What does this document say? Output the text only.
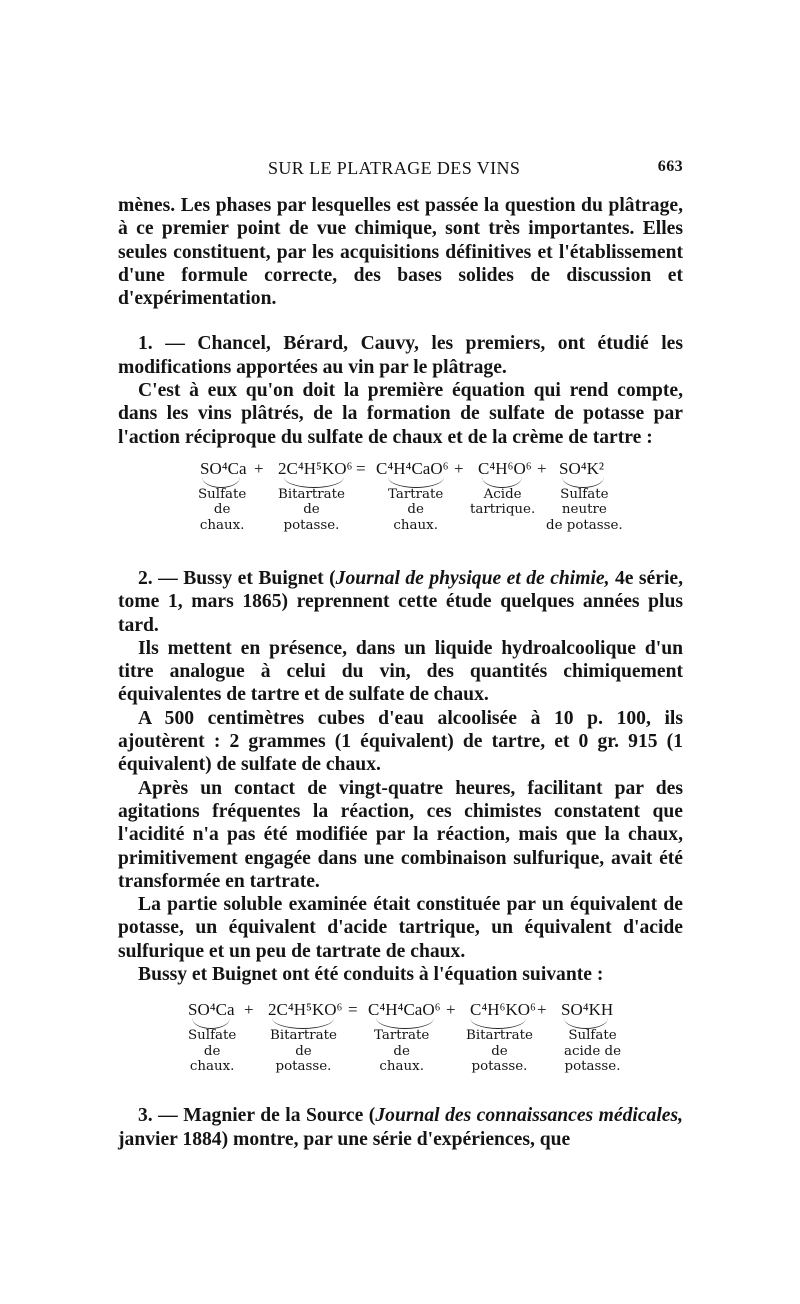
SUR LE PLATRAGE DES VINS	663

mènes. Les phases par lesquelles est passée la question du plâtrage, à ce premier point de vue chimique, sont très importantes. Elles seules constituent, par les acquisitions définitives et l'établissement d'une formule correcte, des bases solides de discussion et d'expérimentation.

1. — Chancel, Bérard, Cauvy, les premiers, ont étudié les modifications apportées au vin par le plâtrage.

C'est à eux qu'on doit la première équation qui rend compte, dans les vins plâtrés, de la formation de sulfate de potasse par l'action réciproque du sulfate de chaux et de la crème de tartre :

SO⁴Ca + 2C⁴H⁵KO⁶ = C⁴H⁴CaO⁶ + C⁴H⁶O⁶ + SO⁴K²
Sulfate
de
chaux.
Bitartrate
de
potasse.
Tartrate
de
chaux.
Acide
tartrique.
Sulfate
neutre
de potasse.

2. — Bussy et Buignet (Journal de physique et de chimie, 4e série, tome 1, mars 1865) reprennent cette étude quelques années plus tard.

Ils mettent en présence, dans un liquide hydroalcoolique d'un titre analogue à celui du vin, des quantités chimiquement équivalentes de tartre et de sulfate de chaux.

A 500 centimètres cubes d'eau alcoolisée à 10 p. 100, ils ajoutèrent : 2 grammes (1 équivalent) de tartre, et 0 gr. 915 (1 équivalent) de sulfate de chaux.

Après un contact de vingt-quatre heures, facilitant par des agitations fréquentes la réaction, ces chimistes constatent que l'acidité n'a pas été modifiée par la réaction, mais que la chaux, primitivement engagée dans une combinaison sulfurique, avait été transformée en tartrate.

La partie soluble examinée était constituée par un équivalent de potasse, un équivalent d'acide tartrique, un équivalent d'acide sulfurique et un peu de tartrate de chaux.

Bussy et Buignet ont été conduits à l'équation suivante :

SO⁴Ca + 2C⁴H⁵KO⁶ = C⁴H⁴CaO⁶ + C⁴H⁶KO⁶ + SO⁴KH
Sulfate
de
chaux.
Bitartrate
de
potasse.
Tartrate
de
chaux.
Bitartrate
de
potasse.
Sulfate
acide de
potasse.

3. — Magnier de la Source (Journal des connaissances médicales, janvier 1884) montre, par une série d'expériences, que
